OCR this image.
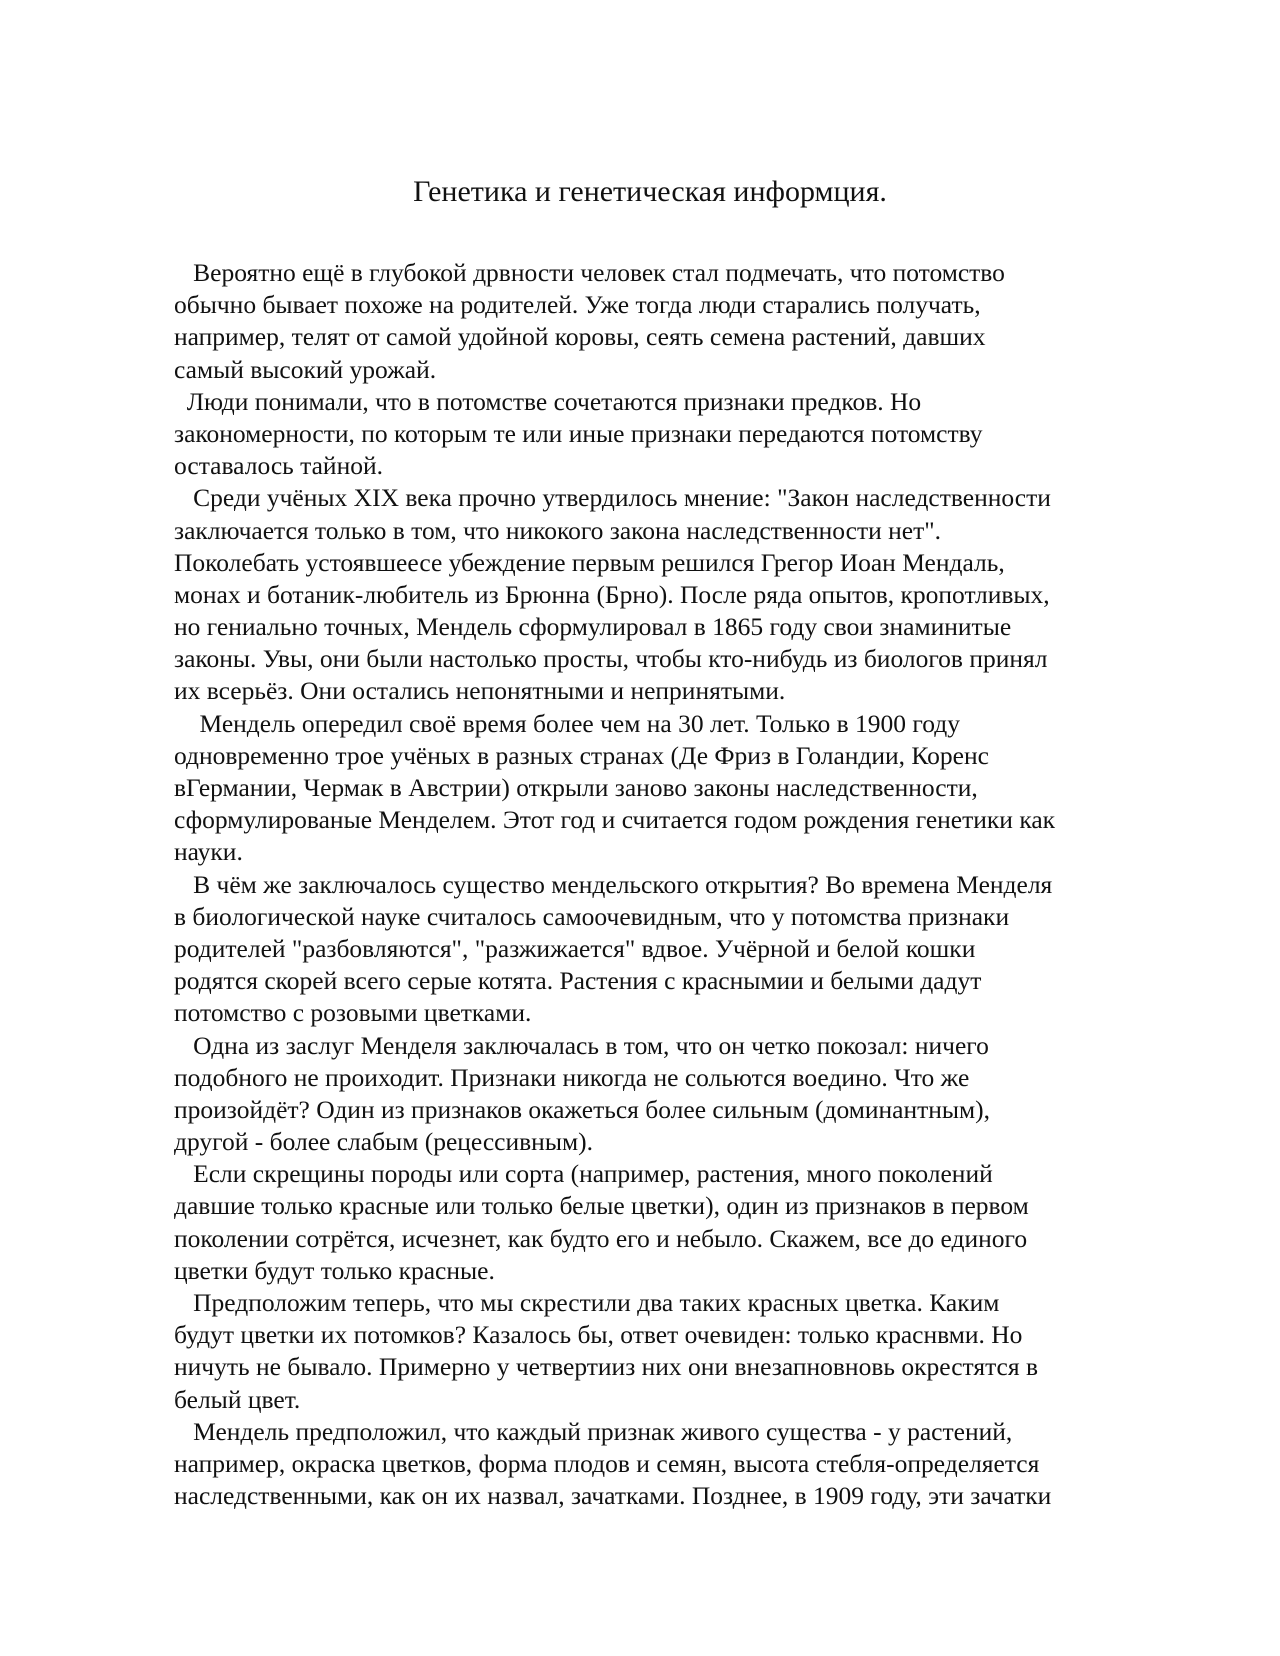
Генетика и генетическая информция.
Вероятно ещё в глубокой дрвности человек стал подмечать, что потомство
обычно бывает похоже на родителей. Уже тогда люди старались получать,
например, телят от самой удойной коровы, сеять семена растений, давших
самый высокий урожай.
Люди понимали, что в потомстве сочетаются признаки предков. Но
закономерности, по которым те или иные признаки передаются потомству
оставалось тайной.
Среди учёных XIX века прочно утвердилось мнение: "Закон наследственности
заключается только в том, что никокого закона наследственности нет".
Поколебать устоявшеесе убеждение первым решился Грегор Иоан Мендаль,
монах и ботаник-любитель из Брюнна (Брно). После ряда опытов, кропотливых,
но гениально точных, Мендель сформулировал в 1865 году свои знаминитые
законы. Увы, они были настолько просты, чтобы кто-нибудь из биологов принял
их всерьёз. Они остались непонятными и непринятыми.
Мендель опередил своё время более чем на 30 лет. Только в 1900 году
одновременно трое учёных в разных странах (Де Фриз в Голандии, Коренс
вГермании, Чермак в Австрии) открыли заново законы наследственности,
сформулированые Менделем. Этот год и считается годом рождения генетики как
науки.
В чём же заключалось существо мендельского открытия? Во времена Менделя
в биологической науке считалось самоочевидным, что у потомства признаки
родителей "разбовляются", "разжижается" вдвое. Учёрной и белой кошки
родятся скорей всего серые котята. Растения с краснымии и белыми дадут
потомство с розовыми цветками.
Одна из заслуг Менделя заключалась в том, что он четко покозал: ничего
подобного не проиходит. Признаки никогда не сольются воедино. Что же
произойдёт? Один из признаков окажеться более сильным (доминантным),
другой - более слабым (рецессивным).
Если скрещины породы или сорта (например, растения, много поколений
давшие только красные или только белые цветки), один из признаков в первом
поколении сотрётся, исчезнет, как будто его и небыло. Скажем, все до единого
цветки будут только красные.
Предположим теперь, что мы скрестили два таких красных цветка. Каким
будут цветки их потомков? Казалось бы, ответ очевиден: только краснвми. Но
ничуть не бывало. Примерно у четвертииз них они внезапновновь окрестятся в
белый цвет.
Мендель предположил, что каждый признак живого существа - у растений,
например, окраска цветков, форма плодов и семян, высота стебля-определяется
наследственными, как он их назвал, зачатками. Позднее, в 1909 году, эти зачатки
